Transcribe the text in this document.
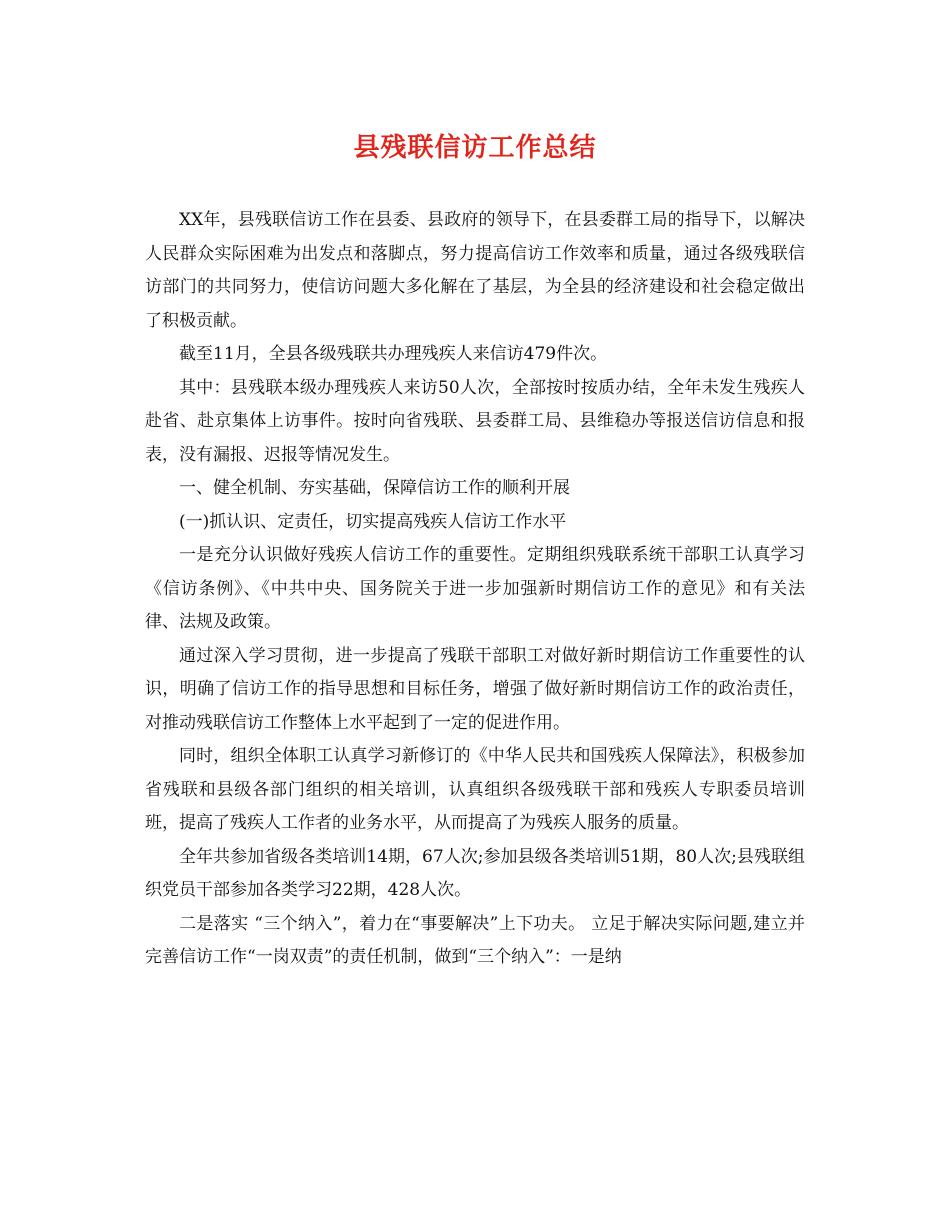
县残联信访工作总结

XX年，县残联信访工作在县委、县政府的领导下，在县委群工局的指导下，以解决人民群众实际困难为出发点和落脚点，努力提高信访工作效率和质量，通过各级残联信访部门的共同努力，使信访问题大多化解在了基层，为全县的经济建设和社会稳定做出了积极贡献。

截至11月，全县各级残联共办理残疾人来信访479件次。

其中：县残联本级办理残疾人来访50人次，全部按时按质办结，全年未发生残疾人赴省、赴京集体上访事件。按时向省残联、县委群工局、县维稳办等报送信访信息和报表，没有漏报、迟报等情况发生。

一、健全机制、夯实基础，保障信访工作的顺利开展

(一)抓认识、定责任，切实提高残疾人信访工作水平

一是充分认识做好残疾人信访工作的重要性。定期组织残联系统干部职工认真学习《信访条例》、《中共中央、国务院关于进一步加强新时期信访工作的意见》和有关法律、法规及政策。

通过深入学习贯彻，进一步提高了残联干部职工对做好新时期信访工作重要性的认识，明确了信访工作的指导思想和目标任务，增强了做好新时期信访工作的政治责任，对推动残联信访工作整体上水平起到了一定的促进作用。

同时，组织全体职工认真学习新修订的《中华人民共和国残疾人保障法》，积极参加省残联和县级各部门组织的相关培训，认真组织各级残联干部和残疾人专职委员培训班，提高了残疾人工作者的业务水平，从而提高了为残疾人服务的质量。

全年共参加省级各类培训14期，67人次;参加县级各类培训51期，80人次;县残联组织党员干部参加各类学习22期，428人次。

二是落实 “三个纳入”，着力在“事要解决”上下功夫。 立足于解决实际问题,建立并完善信访工作“一岗双责”的责任机制，做到“三个纳入”：一是纳
